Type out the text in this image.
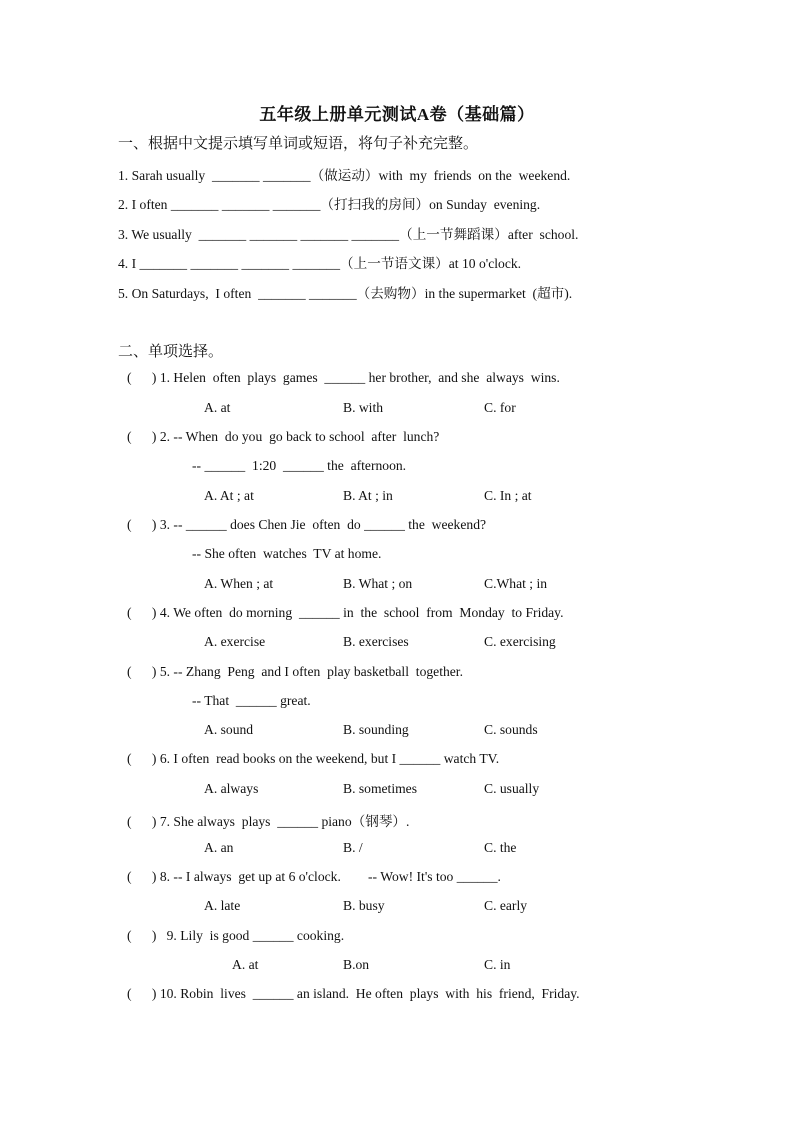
五年级上册单元测试A卷（基础篇）
一、根据中文提示填写单词或短语，将句子补充完整。
1. Sarah usually  _______ _______（做运动）with  my  friends  on the  weekend.
2. I often _______ _______ _______（打扫我的房间）on Sunday  evening.
3. We usually  _______ _______ _______ _______（上一节舞蹈课）after  school.
4. I _______ _______ _______ _______（上一节语文课）at 10 o'clock.
5. On Saturdays,  I often  _______ _______（去购物）in the supermarket  (超市).
二、单项选择。
(      ) 1. Helen  often  plays  games  ______ her brother,  and she  always  wins.
A. at	B. with	C. for
(      ) 2. -- When  do you  go back to school  after  lunch?
-- ______  1:20  ______ the  afternoon.
A. At ; at	B. At ; in	C. In ; at
(      ) 3. -- ______ does Chen Jie  often  do ______ the  weekend?
-- She often  watches  TV at home.
A. When ; at	B. What ; on	C.What ; in
(      ) 4. We often  do morning  ______ in  the  school  from  Monday  to Friday.
A. exercise	B. exercises	C. exercising
(      ) 5. -- Zhang  Peng  and I often  play basketball  together.
-- That  ______ great.
A. sound	B. sounding	C. sounds
(      ) 6. I often  read books on the weekend, but I ______ watch TV.
A. always	B. sometimes	C. usually
(      ) 7. She always  plays  ______ piano（钢琴）.
A. an	B. /	C. the
(      ) 8. -- I always  get up at 6 o'clock.        -- Wow! It's too ______.
A. late	B. busy	C. early
(      )   9. Lily  is good ______ cooking.
A. at	B.on	C. in
(      ) 10. Robin  lives  ______ an island.  He often  plays  with  his  friend,  Friday.
